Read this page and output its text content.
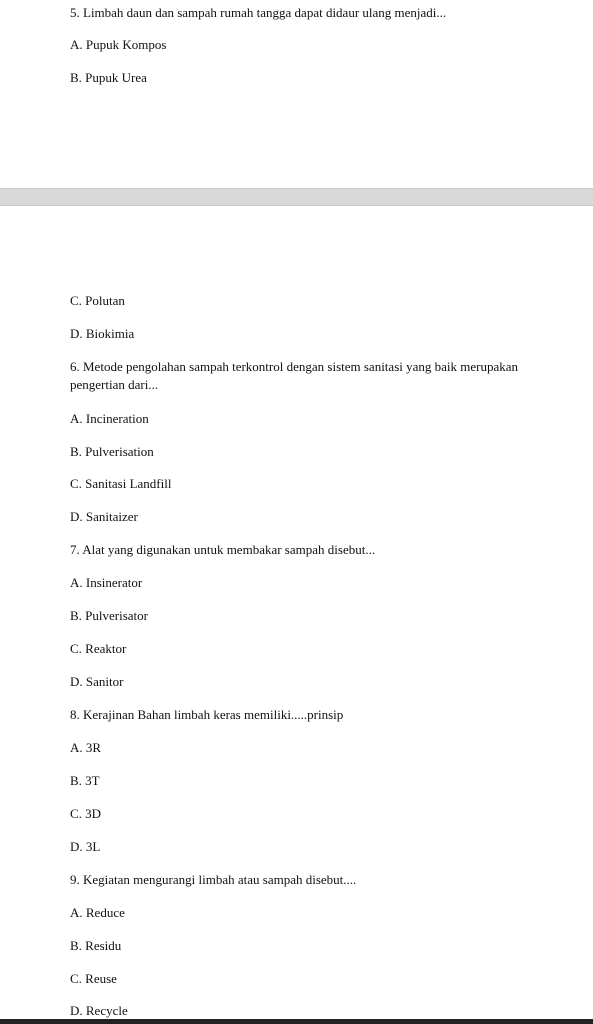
5. Limbah daun dan sampah rumah tangga dapat didaur ulang menjadi...
A. Pupuk Kompos
B. Pupuk Urea
C. Polutan
D. Biokimia
6. Metode pengolahan sampah terkontrol dengan sistem sanitasi yang baik merupakan pengertian dari...
A. Incineration
B. Pulverisation
C. Sanitasi Landfill
D. Sanitaizer
7. Alat yang digunakan untuk membakar sampah disebut...
A. Insinerator
B. Pulverisator
C. Reaktor
D. Sanitor
8. Kerajinan Bahan limbah keras memiliki.....prinsip
A. 3R
B. 3T
C. 3D
D. 3L
9. Kegiatan mengurangi limbah atau sampah disebut....
A. Reduce
B. Residu
C. Reuse
D. Recycle
